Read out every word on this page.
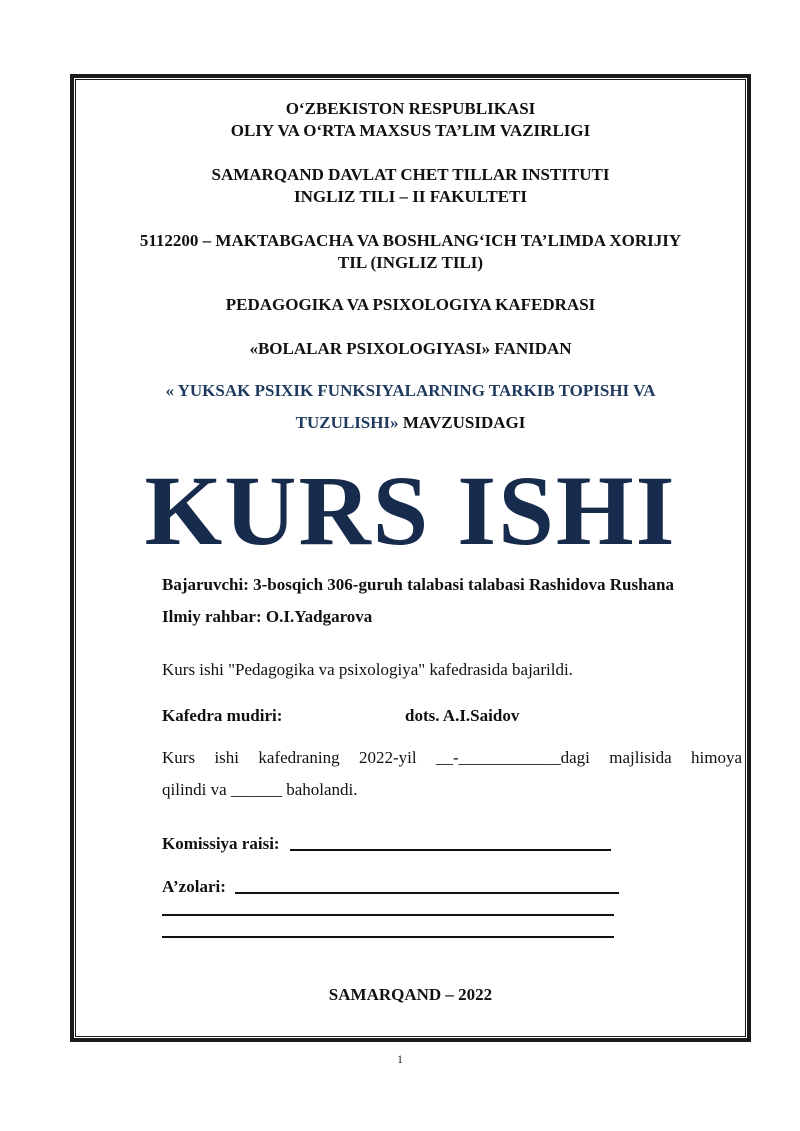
O‘ZBEKISTON RESPUBLIKASI

OLIY VA O‘RTA MAXSUS TA’LIM VAZIRLIGI

SAMARQAND DAVLAT CHET TILLAR INSTITUTI

INGLIZ TILI – II FAKULTETI

5112200 – MAKTABGACHA VA BOSHLANG‘ICH TA’LIMDA XORIJIY

TIL (INGLIZ TILI)

PEDAGOGIKA VA PSIXOLOGIYA KAFEDRASI

«BOLALAR PSIXOLOGIYASI» FANIDAN

« YUKSAK PSIXIK FUNKSIYALARNING TARKIB TOPISHI VA

TUZULISHI» MAVZUSIDAGI

KURS ISHI

Bajaruvchi: 3-bosqich 306-guruh talabasi talabasi Rashidova Rushana

Ilmiy rahbar: O.I.Yadgarova

Kurs ishi "Pedagogika va psixologiya" kafedrasida bajarildi.

Kafedra mudiri:	dots. A.I.Saidov

Kurs ishi kafedraning 2022-yil __-____________dagi majlisida himoya

qilindi va ______ baholandi.

Komissiya raisi:

A’zolari:

SAMARQAND – 2022

1
